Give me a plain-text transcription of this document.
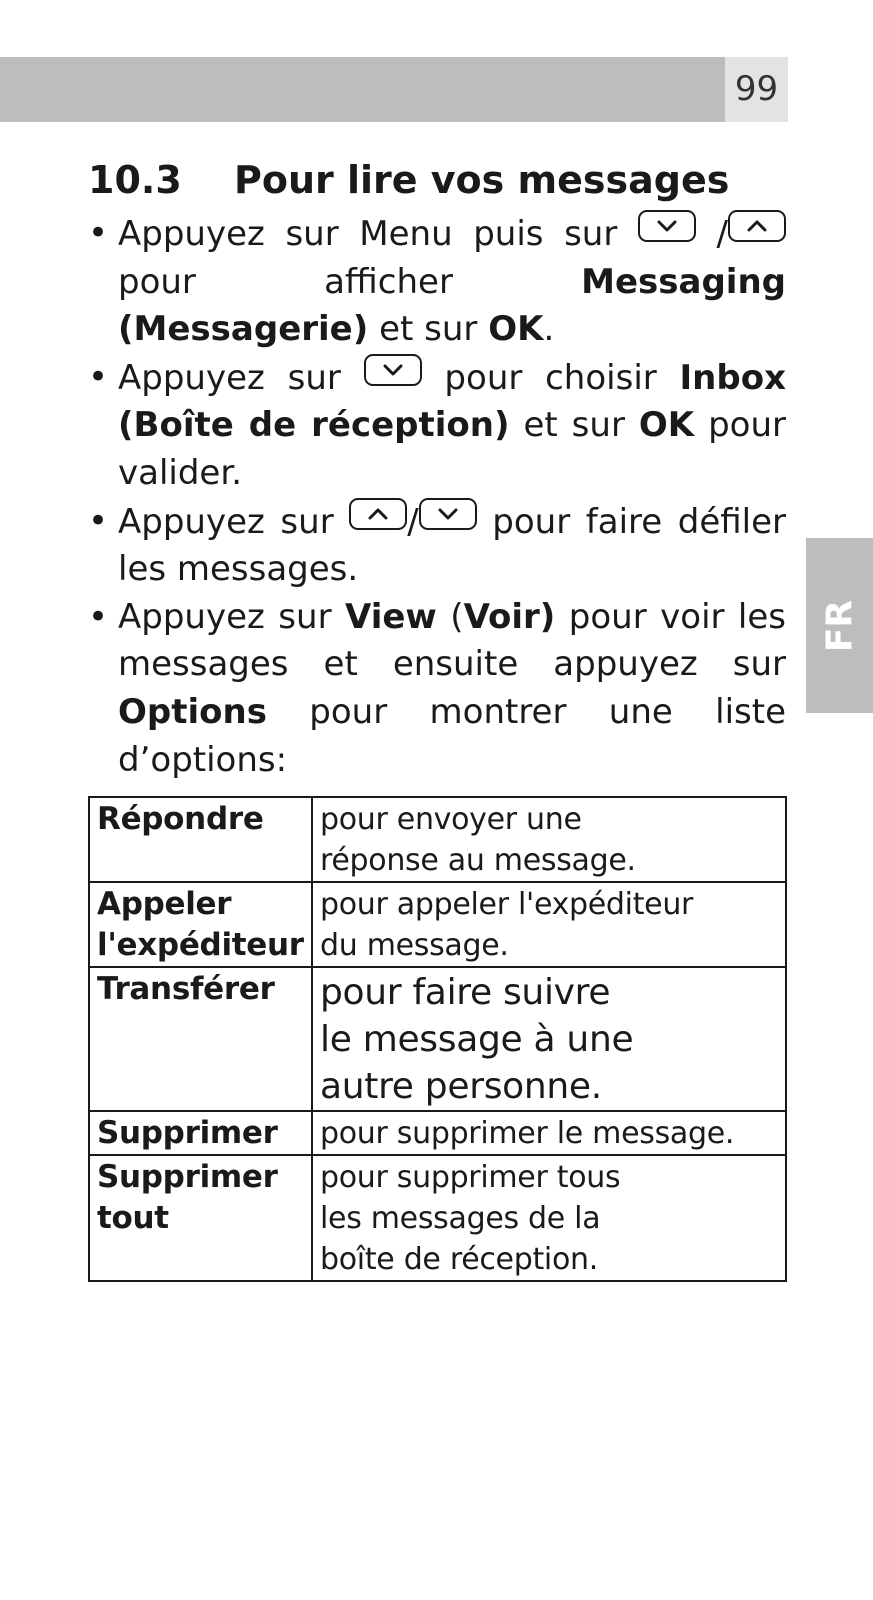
99
FR
10.3 Pour lire vos messages
• Appuyez sur Menu puis sur
/
pour afficher Messaging (Messagerie) et sur OK.
• Appuyez sur
pour choisir Inbox (Boîte de réception) et sur OK pour valider.
• Appuyez sur
/
pour faire défiler les messages.
• Appuyez sur View (Voir) pour voir les messages et ensuite appuyez sur Options pour montrer une liste d’options:
Répondre	pour envoyer une
réponse au message.

Appeler
l'expéditeur	pour appeler l'expéditeur
du message.

Transférer	pour faire suivre
le message à une
autre personne.

Supprimer	pour supprimer le message.

Supprimer
tout	pour supprimer tous
les messages de la
boîte de réception.
